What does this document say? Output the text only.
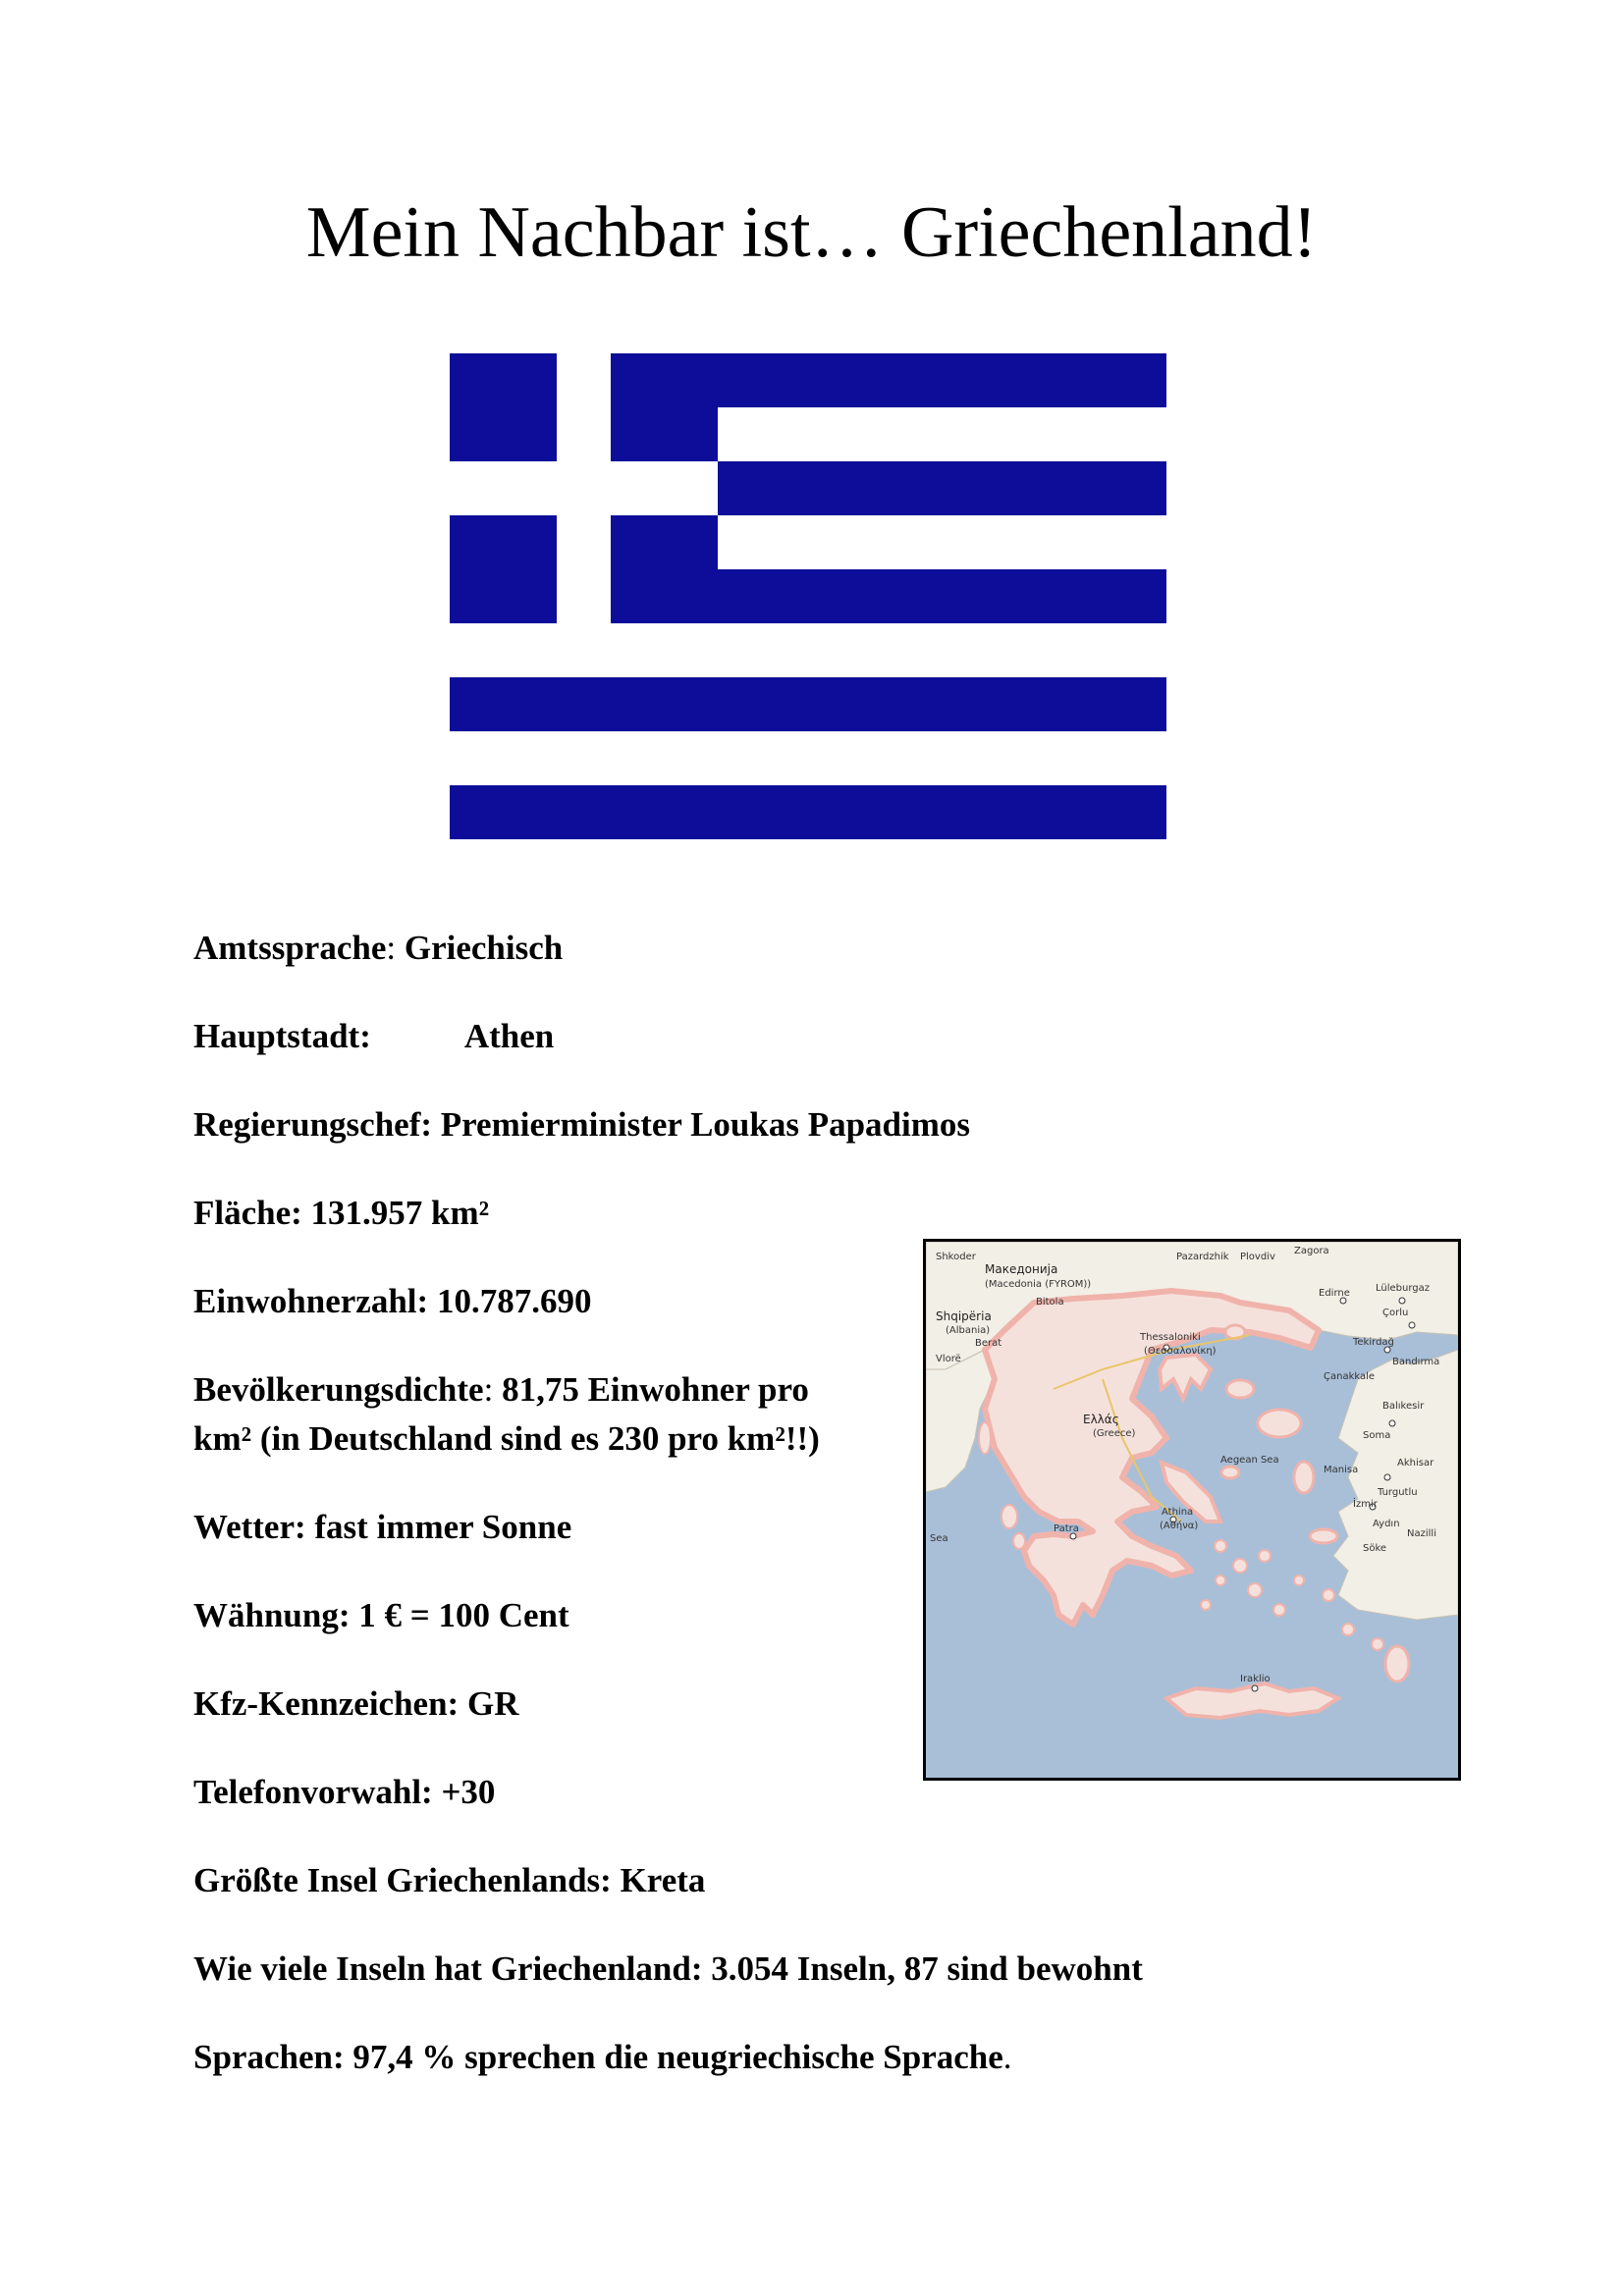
Mein Nachbar ist… Griechenland!
Amtssprache: Griechisch
Hauptstadt:	Athen
Regierungschef: Premierminister Loukas Papadimos
Fläche: 131.957 km²
Einwohnerzahl: 10.787.690
Bevölkerungsdichte: 81,75 Einwohner pro
km² (in Deutschland sind es 230 pro km²!!)
Wetter: fast immer Sonne
Wähnung: 1 € = 100 Cent
Kfz-Kennzeichen: GR
Telefonvorwahl: +30
Größte Insel Griechenlands: Kreta
Wie viele Inseln hat Griechenland: 3.054 Inseln, 87 sind bewohnt
Sprachen: 97,4 % sprechen die neugriechische Sprache.
Shkoder	Pazardzhik Plovdiv
Zagora
Македонија
(Macedonia (FYROM))
Bitola
Shqipëria
(Albania)
Berat
Vlorë
Edirne	Lüleburgaz
Çorlu
Tekirdağ
Bandırma
Çanakkale
Balıkesir
Soma
Akhisar
Manisa
Turgutlu
İzmir
Aydın
Nazilli
Söke
Thessaloniki
(Θεσσαλονίκη)
Ελλάς
(Greece)
Aegean Sea
Athina
(Αθήνα)
Patra
Iraklio
Sea
